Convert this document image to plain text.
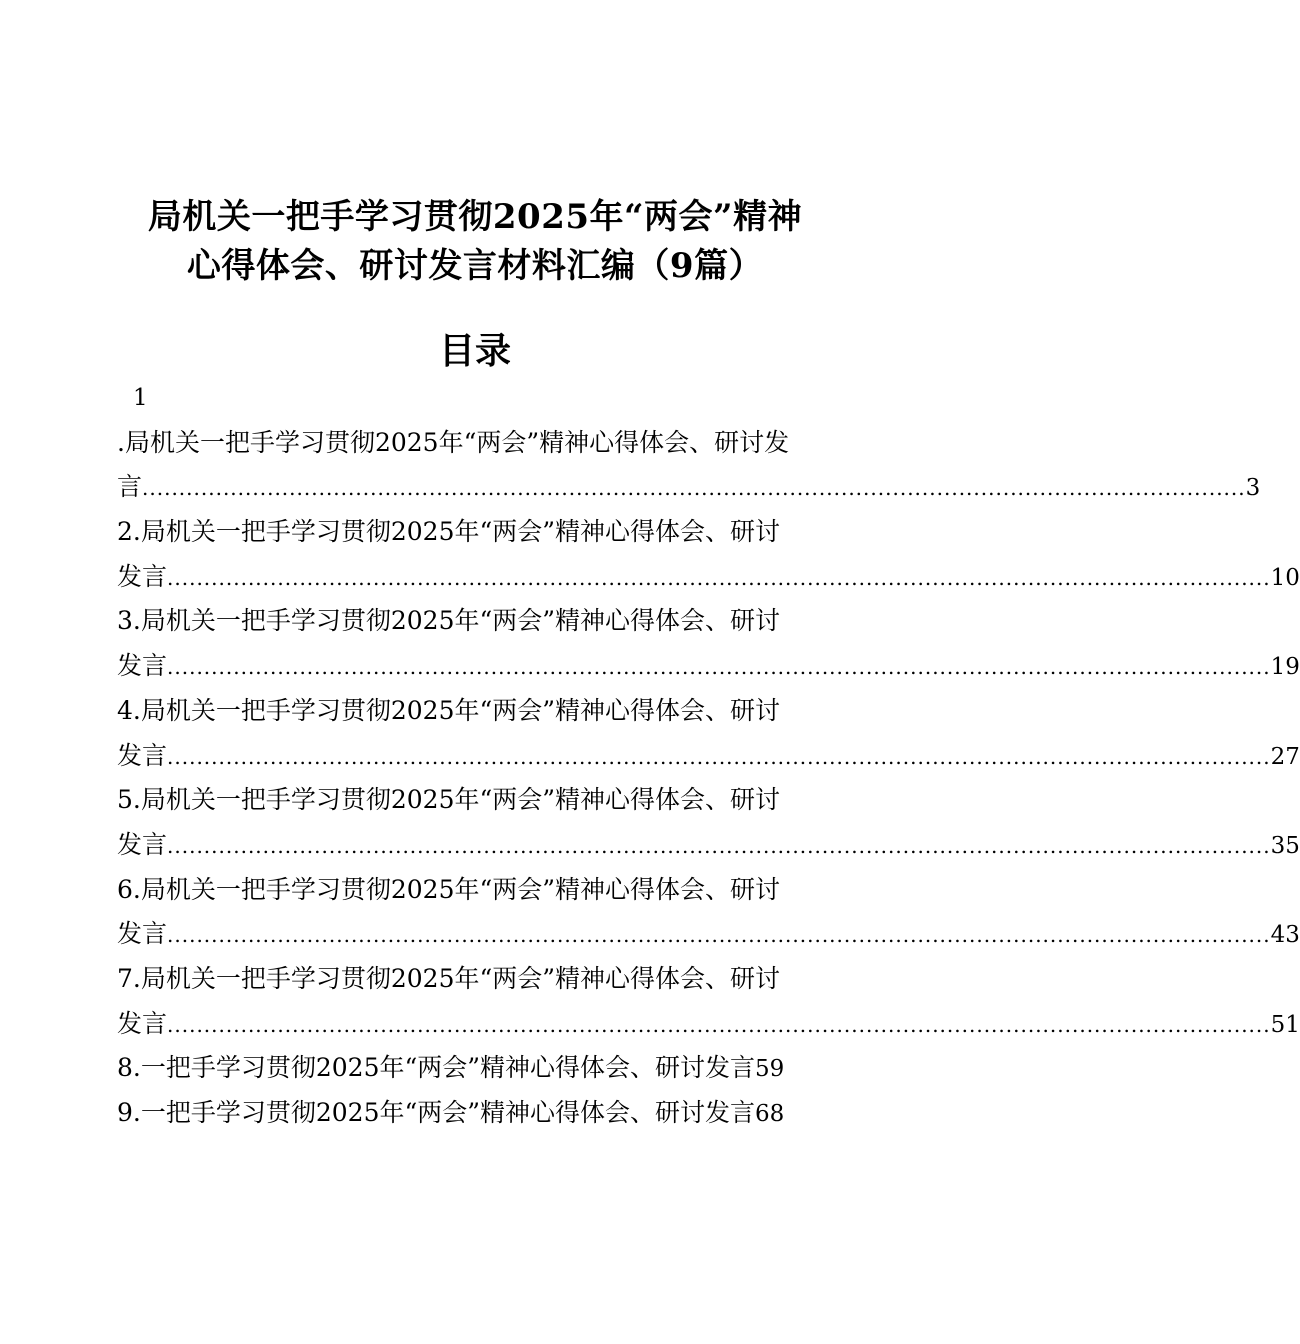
局机关一把手学习贯彻2025年“两会”精神
心得体会、研讨发言材料汇编（9篇）
目录
1
.局机关一把手学习贯彻2025年“两会”精神心得体会、研讨发
言 ...................................................................................................................................................... 3
2.局机关一把手学习贯彻2025年“两会”精神心得体会、研讨
发言 ...................................................................................................................................................... 10
3.局机关一把手学习贯彻2025年“两会”精神心得体会、研讨
发言 ...................................................................................................................................................... 19
4.局机关一把手学习贯彻2025年“两会”精神心得体会、研讨
发言 ...................................................................................................................................................... 27
5.局机关一把手学习贯彻2025年“两会”精神心得体会、研讨
发言 ...................................................................................................................................................... 35
6.局机关一把手学习贯彻2025年“两会”精神心得体会、研讨
发言 ...................................................................................................................................................... 43
7.局机关一把手学习贯彻2025年“两会”精神心得体会、研讨
发言 ...................................................................................................................................................... 51
8.一把手学习贯彻2025年“两会”精神心得体会、研讨发言59
9.一把手学习贯彻2025年“两会”精神心得体会、研讨发言68
